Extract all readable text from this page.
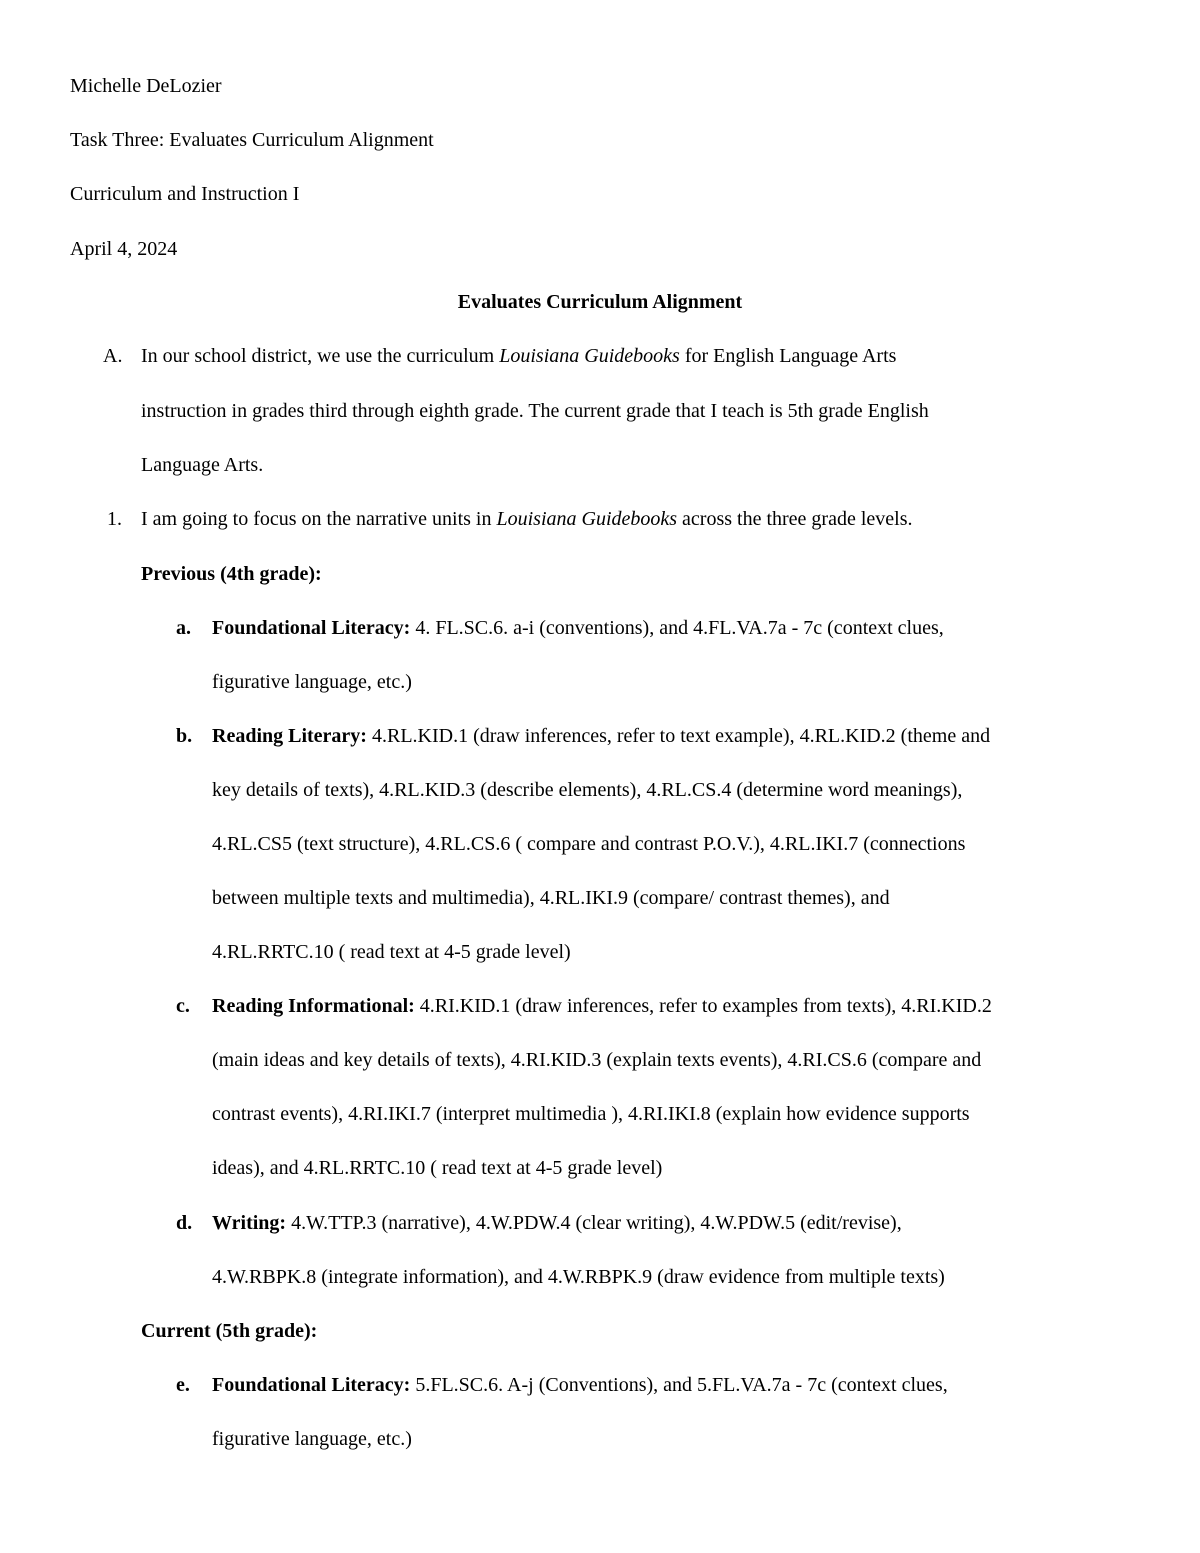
Michelle DeLozier
Task Three: Evaluates Curriculum Alignment
Curriculum and Instruction I
April 4, 2024
Evaluates Curriculum Alignment
A. In our school district, we use the curriculum Louisiana Guidebooks for English Language Arts
instruction in grades third through eighth grade. The current grade that I teach is 5th grade English
Language Arts.
1. I am going to focus on the narrative units in Louisiana Guidebooks across the three grade levels.
Previous (4th grade):
a. Foundational Literacy: 4. FL.SC.6. a-i (conventions), and 4.FL.VA.7a - 7c (context clues,
figurative language, etc.)
b. Reading Literary: 4.RL.KID.1 (draw inferences, refer to text example), 4.RL.KID.2 (theme and
key details of texts), 4.RL.KID.3 (describe elements), 4.RL.CS.4 (determine word meanings),
4.RL.CS5 (text structure), 4.RL.CS.6 ( compare and contrast P.O.V.), 4.RL.IKI.7 (connections
between multiple texts and multimedia), 4.RL.IKI.9 (compare/ contrast themes), and
4.RL.RRTC.10 ( read text at 4-5 grade level)
c. Reading Informational: 4.RI.KID.1 (draw inferences, refer to examples from texts), 4.RI.KID.2
(main ideas and key details of texts), 4.RI.KID.3 (explain texts events), 4.RI.CS.6 (compare and
contrast events), 4.RI.IKI.7 (interpret multimedia ), 4.RI.IKI.8 (explain how evidence supports
ideas), and 4.RL.RRTC.10 ( read text at 4-5 grade level)
d. Writing: 4.W.TTP.3 (narrative), 4.W.PDW.4 (clear writing), 4.W.PDW.5 (edit/revise),
4.W.RBPK.8 (integrate information), and 4.W.RBPK.9 (draw evidence from multiple texts)
Current (5th grade):
e. Foundational Literacy: 5.FL.SC.6. A-j (Conventions), and 5.FL.VA.7a - 7c (context clues,
figurative language, etc.)
